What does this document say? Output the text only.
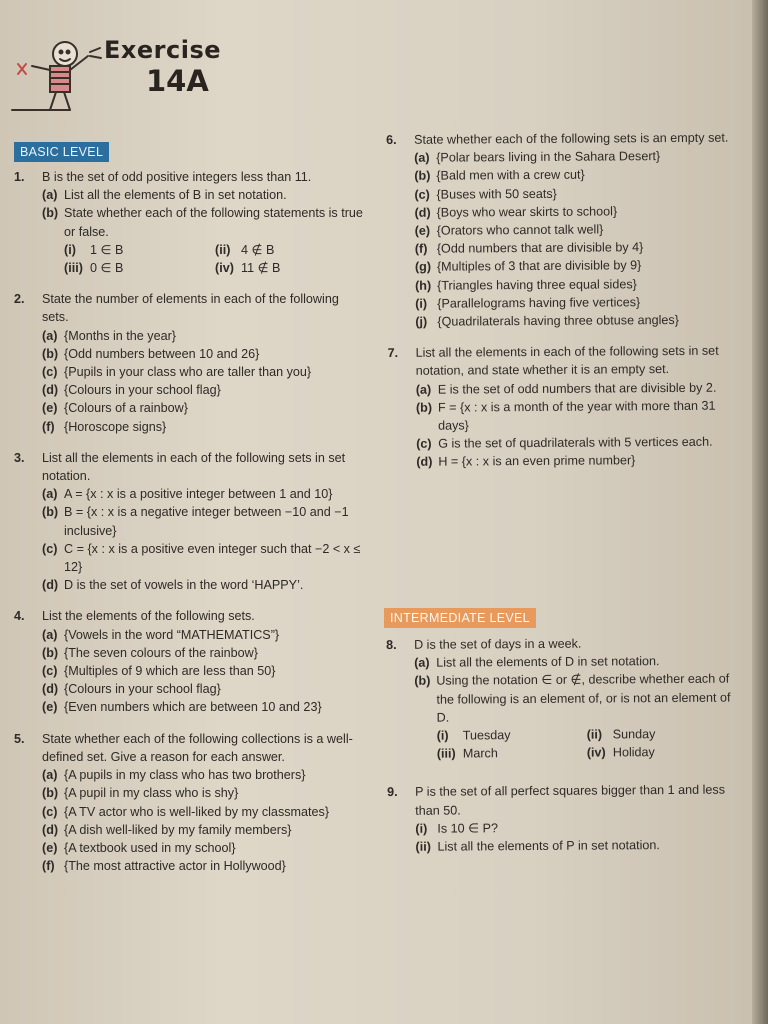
Exercise
14A
BASIC LEVEL
1. B is the set of odd positive integers less than 11.
(a) List all the elements of B in set notation.
(b) State whether each of the following statements is true or false.
(i) 1 ∈ B	(ii) 4 ∉ B
(iii) 0 ∈ B	(iv) 11 ∉ B
2. State the number of elements in each of the following sets.
(a) {Months in the year}
(b) {Odd numbers between 10 and 26}
(c) {Pupils in your class who are taller than you}
(d) {Colours in your school flag}
(e) {Colours of a rainbow}
(f) {Horoscope signs}
3. List all the elements in each of the following sets in set notation.
(a) A = {x : x is a positive integer between 1 and 10}
(b) B = {x : x is a negative integer between −10 and −1 inclusive}
(c) C = {x : x is a positive even integer such that −2 < x ≤ 12}
(d) D is the set of vowels in the word ‘HAPPY’.
4. List the elements of the following sets.
(a) {Vowels in the word “MATHEMATICS”}
(b) {The seven colours of the rainbow}
(c) {Multiples of 9 which are less than 50}
(d) {Colours in your school flag}
(e) {Even numbers which are between 10 and 23}
5. State whether each of the following collections is a well-defined set. Give a reason for each answer.
(a) {A pupils in my class who has two brothers}
(b) {A pupil in my class who is shy}
(c) {A TV actor who is well-liked by my classmates}
(d) {A dish well-liked by my family members}
(e) {A textbook used in my school}
(f) {The most attractive actor in Hollywood}
6. State whether each of the following sets is an empty set.
(a) {Polar bears living in the Sahara Desert}
(b) {Bald men with a crew cut}
(c) {Buses with 50 seats}
(d) {Boys who wear skirts to school}
(e) {Orators who cannot talk well}
(f) {Odd numbers that are divisible by 4}
(g) {Multiples of 3 that are divisible by 9}
(h) {Triangles having three equal sides}
(i) {Parallelograms having five vertices}
(j) {Quadrilaterals having three obtuse angles}
7. List all the elements in each of the following sets in set notation, and state whether it is an empty set.
(a) E is the set of odd numbers that are divisible by 2.
(b) F = {x : x is a month of the year with more than 31 days}
(c) G is the set of quadrilaterals with 5 vertices each.
(d) H = {x : x is an even prime number}
INTERMEDIATE LEVEL
8. D is the set of days in a week.
(a) List all the elements of D in set notation.
(b) Using the notation ∈ or ∉, describe whether each of the following is an element of, or is not an element of D.
(i) Tuesday	(ii) Sunday
(iii) March	(iv) Holiday
9. P is the set of all perfect squares bigger than 1 and less than 50.
(i) Is 10 ∈ P?
(ii) List all the elements of P in set notation.
